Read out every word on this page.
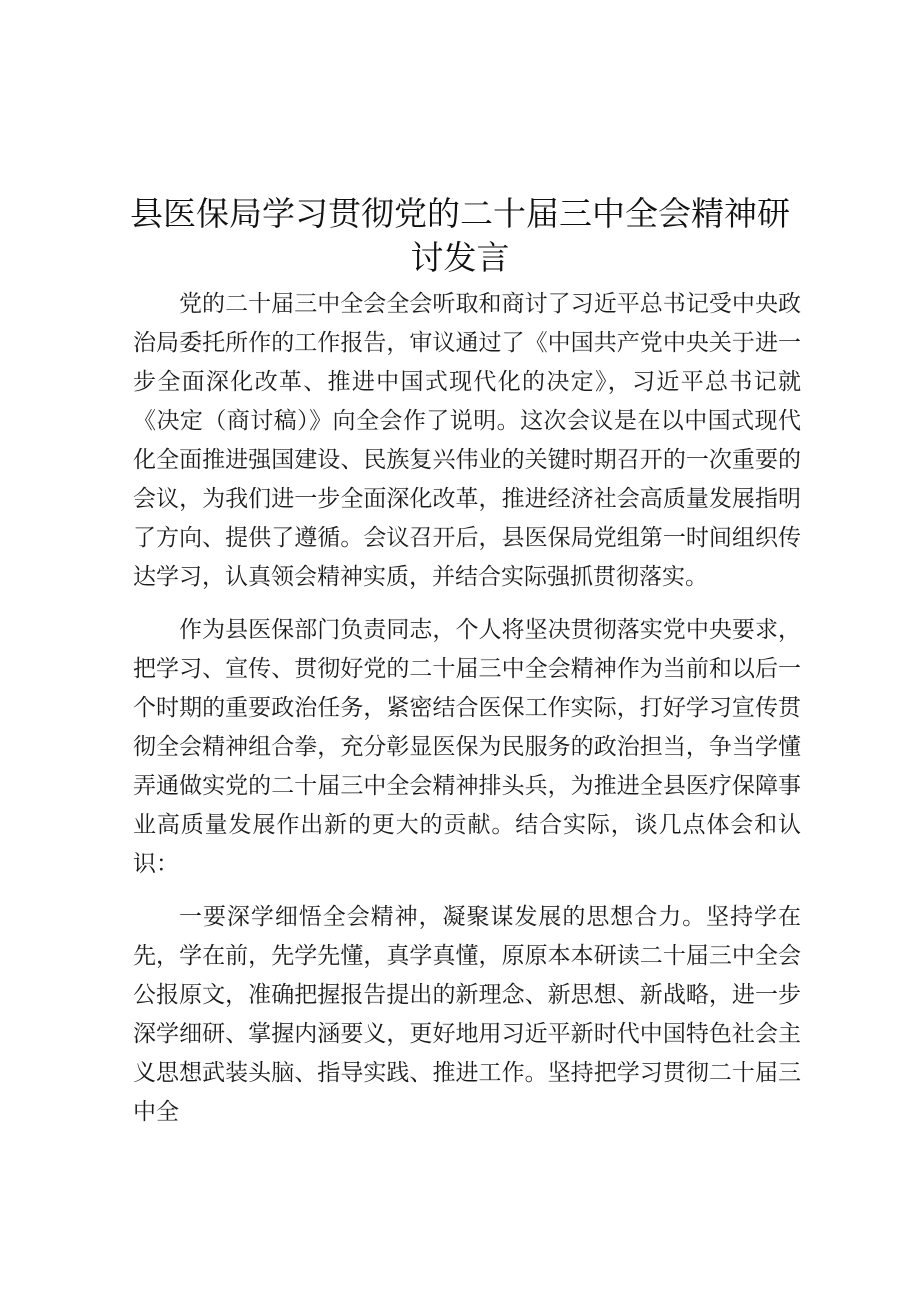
县医保局学习贯彻党的二十届三中全会精神研讨发言

党的二十届三中全会全会听取和商讨了习近平总书记受中央政治局委托所作的工作报告，审议通过了《中国共产党中央关于进一步全面深化改革、推进中国式现代化的决定》，习近平总书记就《决定（商讨稿）》向全会作了说明。这次会议是在以中国式现代化全面推进强国建设、民族复兴伟业的关键时期召开的一次重要的会议，为我们进一步全面深化改革，推进经济社会高质量发展指明了方向、提供了遵循。会议召开后，县医保局党组第一时间组织传达学习，认真领会精神实质，并结合实际强抓贯彻落实。

作为县医保部门负责同志，个人将坚决贯彻落实党中央要求，把学习、宣传、贯彻好党的二十届三中全会精神作为当前和以后一个时期的重要政治任务，紧密结合医保工作实际，打好学习宣传贯彻全会精神组合拳，充分彰显医保为民服务的政治担当，争当学懂弄通做实党的二十届三中全会精神排头兵，为推进全县医疗保障事业高质量发展作出新的更大的贡献。结合实际，谈几点体会和认识：

一要深学细悟全会精神，凝聚谋发展的思想合力。坚持学在先，学在前，先学先懂，真学真懂，原原本本研读二十届三中全会公报原文，准确把握报告提出的新理念、新思想、新战略，进一步深学细研、掌握内涵要义，更好地用习近平新时代中国特色社会主义思想武装头脑、指导实践、推进工作。坚持把学习贯彻二十届三中全
